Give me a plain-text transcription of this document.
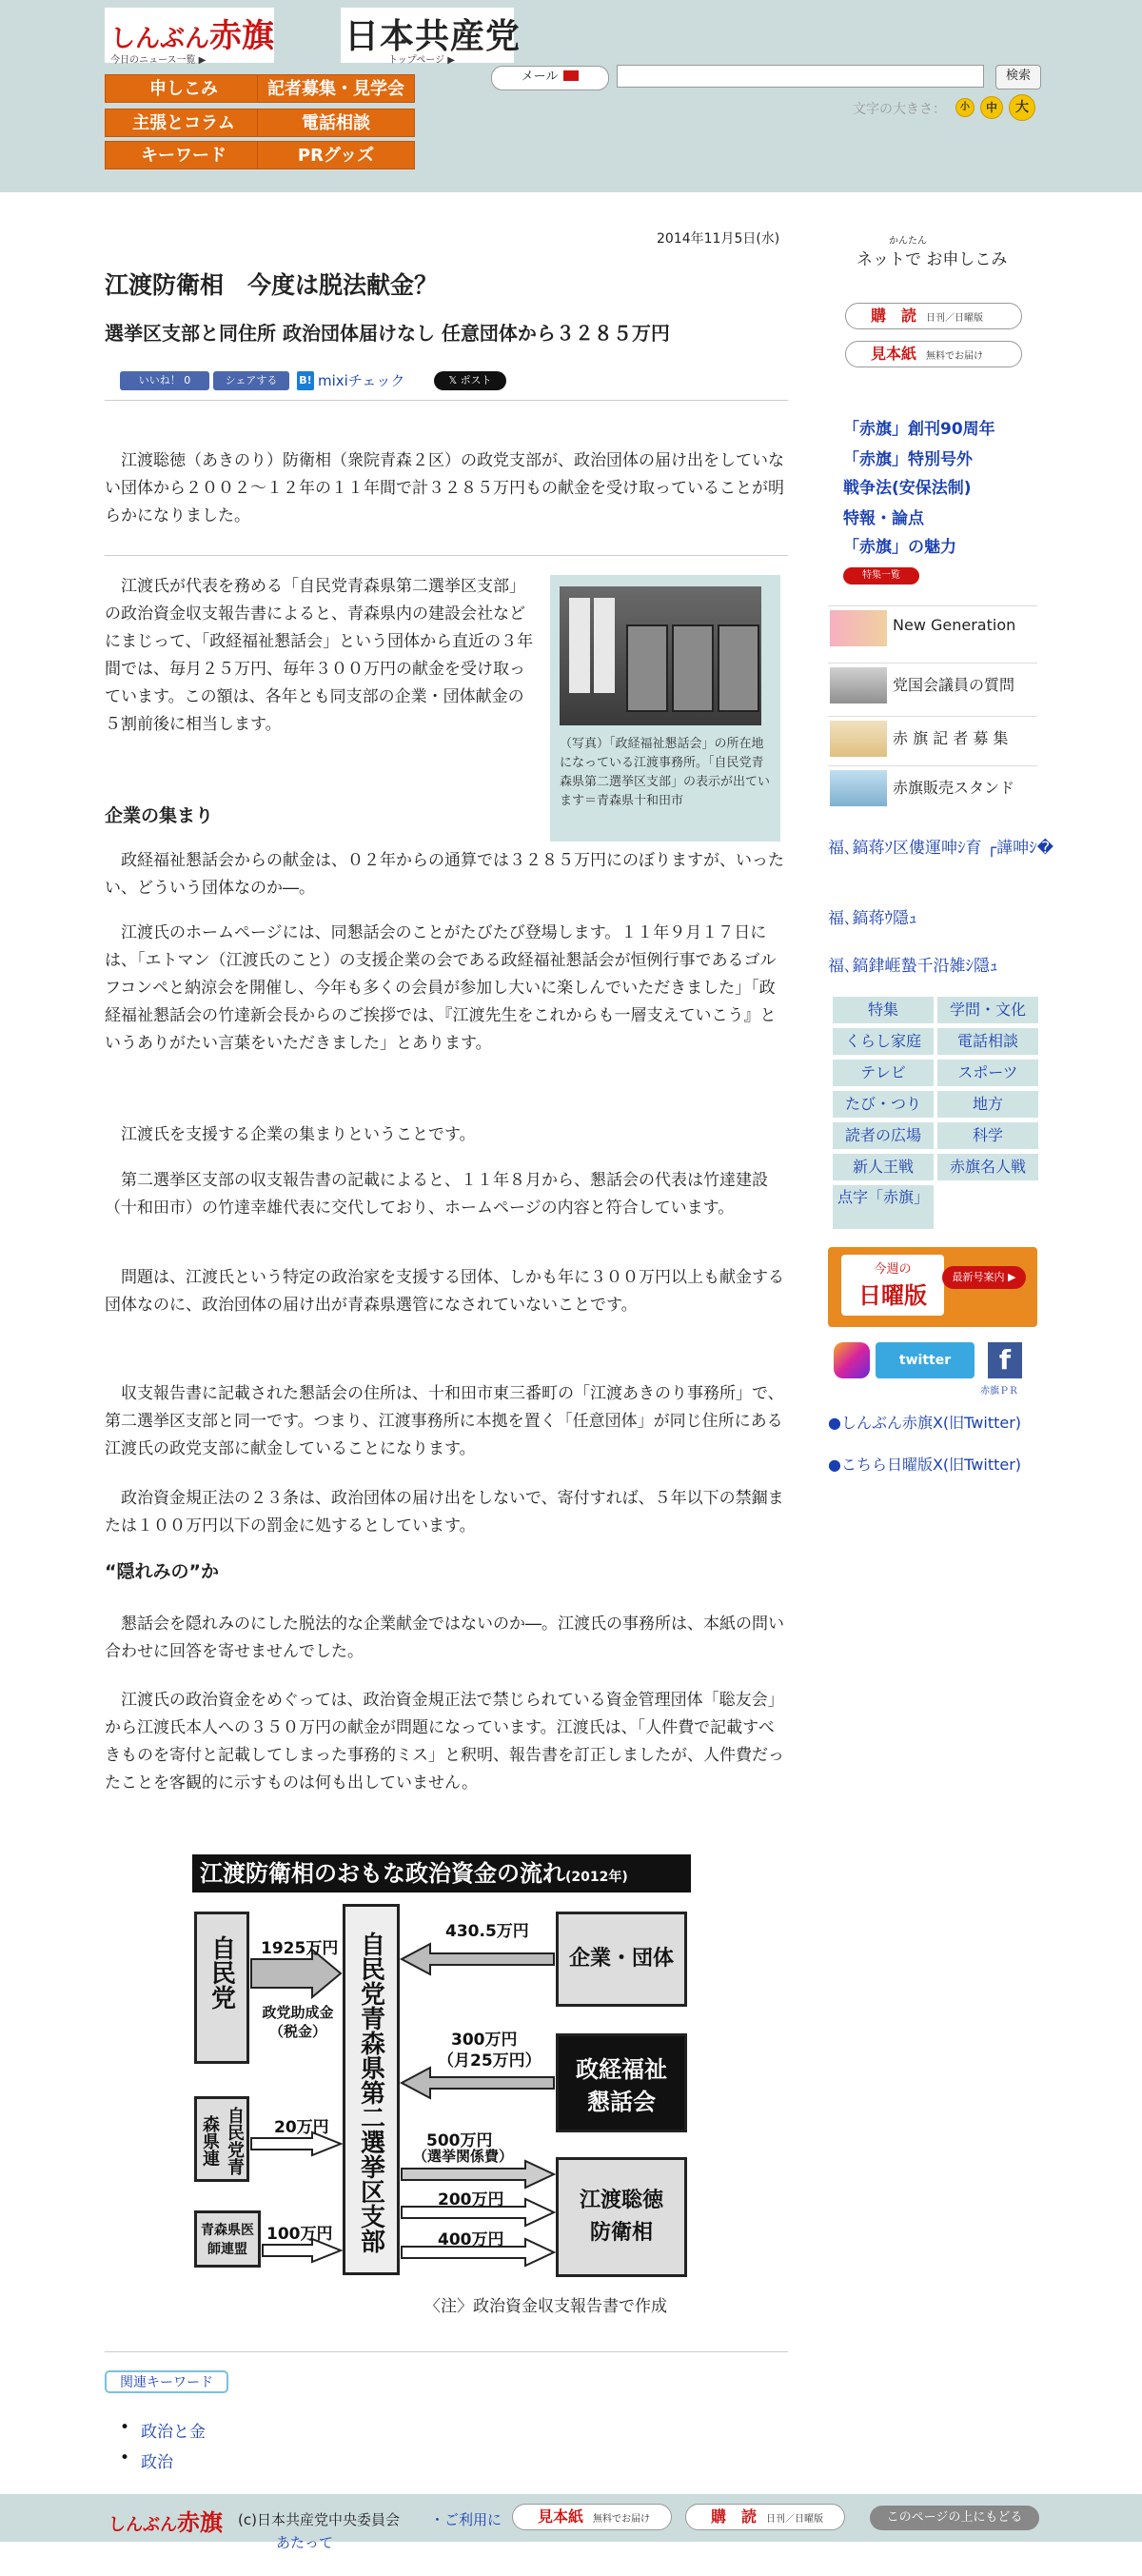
しんぶん赤旗
今日のニュース一覧 ▶
日本共産党
トップページ ▶
申しこみ	記者募集・見学会
主張とコラム	電話相談
キーワード	PRグッズ
メール	検索
文字の大きさ：	小	中	大
2014年11月5日(水)
江渡防衛相　今度は脱法献金？
選挙区支部と同住所 政治団体届けなし 任意団体から３２８５万円
いいね！ 0	シェアする	B! mixiチェック	𝕏 ポスト

江渡聡徳（あきのり）防衛相（衆院青森２区）の政党支部が、政治団体の届け出をしていない団体から２００２～１２年の１１年間で計３２８５万円もの献金を受け取っていることが明らかになりました。

江渡氏が代表を務める「自民党青森県第二選挙区支部」の政治資金収支報告書によると、青森県内の建設会社などにまじって、「政経福祉懇話会」という団体から直近の３年間では、毎月２５万円、毎年３００万円の献金を受け取っています。この額は、各年とも同支部の企業・団体献金の５割前後に相当します。

（写真）「政経福祉懇話会」の所在地になっている江渡事務所。「自民党青森県第二選挙区支部」の表示が出ています＝青森県十和田市
企業の集まり

政経福祉懇話会からの献金は、０２年からの通算では３２８５万円にのぼりますが、いったい、どういう団体なのか―。

江渡氏のホームページには、同懇話会のことがたびたび登場します。１１年９月１７日には、「エトマン（江渡氏のこと）の支援企業の会である政経福祉懇話会が恒例行事であるゴルフコンペと納涼会を開催し、今年も多くの会員が参加し大いに楽しんでいただきました」「政経福祉懇話会の竹達新会長からのご挨拶では、『江渡先生をこれからも一層支えていこう』というありがたい言葉をいただきました」とあります。

江渡氏を支援する企業の集まりということです。

第二選挙区支部の収支報告書の記載によると、１１年８月から、懇話会の代表は竹達建設（十和田市）の竹達幸雄代表に交代しており、ホームページの内容と符合しています。

問題は、江渡氏という特定の政治家を支援する団体、しかも年に３００万円以上も献金する団体なのに、政治団体の届け出が青森県選管になされていないことです。

収支報告書に記載された懇話会の住所は、十和田市東三番町の「江渡あきのり事務所」で、第二選挙区支部と同一です。つまり、江渡事務所に本拠を置く「任意団体」が同じ住所にある江渡氏の政党支部に献金していることになります。

政治資金規正法の２３条は、政治団体の届け出をしないで、寄付すれば、５年以下の禁錮または１００万円以下の罰金に処するとしています。

“隠れみの”か

懇話会を隠れみのにした脱法的な企業献金ではないのか―。江渡氏の事務所は、本紙の問い合わせに回答を寄せませんでした。

江渡氏の政治資金をめぐっては、政治資金規正法で禁じられている資金管理団体「聡友会」から江渡氏本人への３５０万円の献金が問題になっています。江渡氏は、「人件費で記載すべきものを寄付と記載してしまった事務的ミス」と釈明、報告書を訂正しましたが、人件費だったことを客観的に示すものは何も出していません。

江渡防衛相のおもな政治資金の流れ(2012年)
自民党
自民党青森県連
青森県医師連盟	自民党青森県第二選挙区支部	企業・団体
政経福祉懇話会
江渡聡徳防衛相
1925万円
政党助成金（税金）
20万円
100万円
430.5万円
300万円
（月25万円）
500万円
（選挙関係費）
200万円
400万円
〈注〉政治資金収支報告書で作成
関連キーワード
• 政治と金
• 政治
かんたん
ネットで お申しこみ
購　読 日刊／日曜版
見本紙 無料でお届け
「赤旗」創刊90周年
「赤旗」特別号外
戦争法(安保法制)
特報・論点
「赤旗」の魅力
特集一覧
New Generation
党国会議員の質問
赤 旗 記 者 募 集
赤旗販売スタンド
福､鎬蒋ｿ区僂運呻ｼ育 ┌譁呻ｼ�
福､鎬蒋ｳ隱ｭ
福､鎬銉崕蟄千沿雑ｼ隱ｭ
特集	学問・文化
くらし家庭	電話相談
テレビ	スポーツ
たび・つり	地方
読者の広場	科学
新人王戦	赤旗名人戦
点字「赤旗」
今週の
日曜版
最新号案内 ▶
twitter	f
赤旗ＰＲ
●しんぶん赤旗X(旧Twitter)
●こちら日曜版X(旧Twitter)
しんぶん赤旗 (c)日本共産党中央委員会 ・ご利用に
あたって
見本紙 無料でお届け	購　読 日刊／日曜版	このページの上にもどる
